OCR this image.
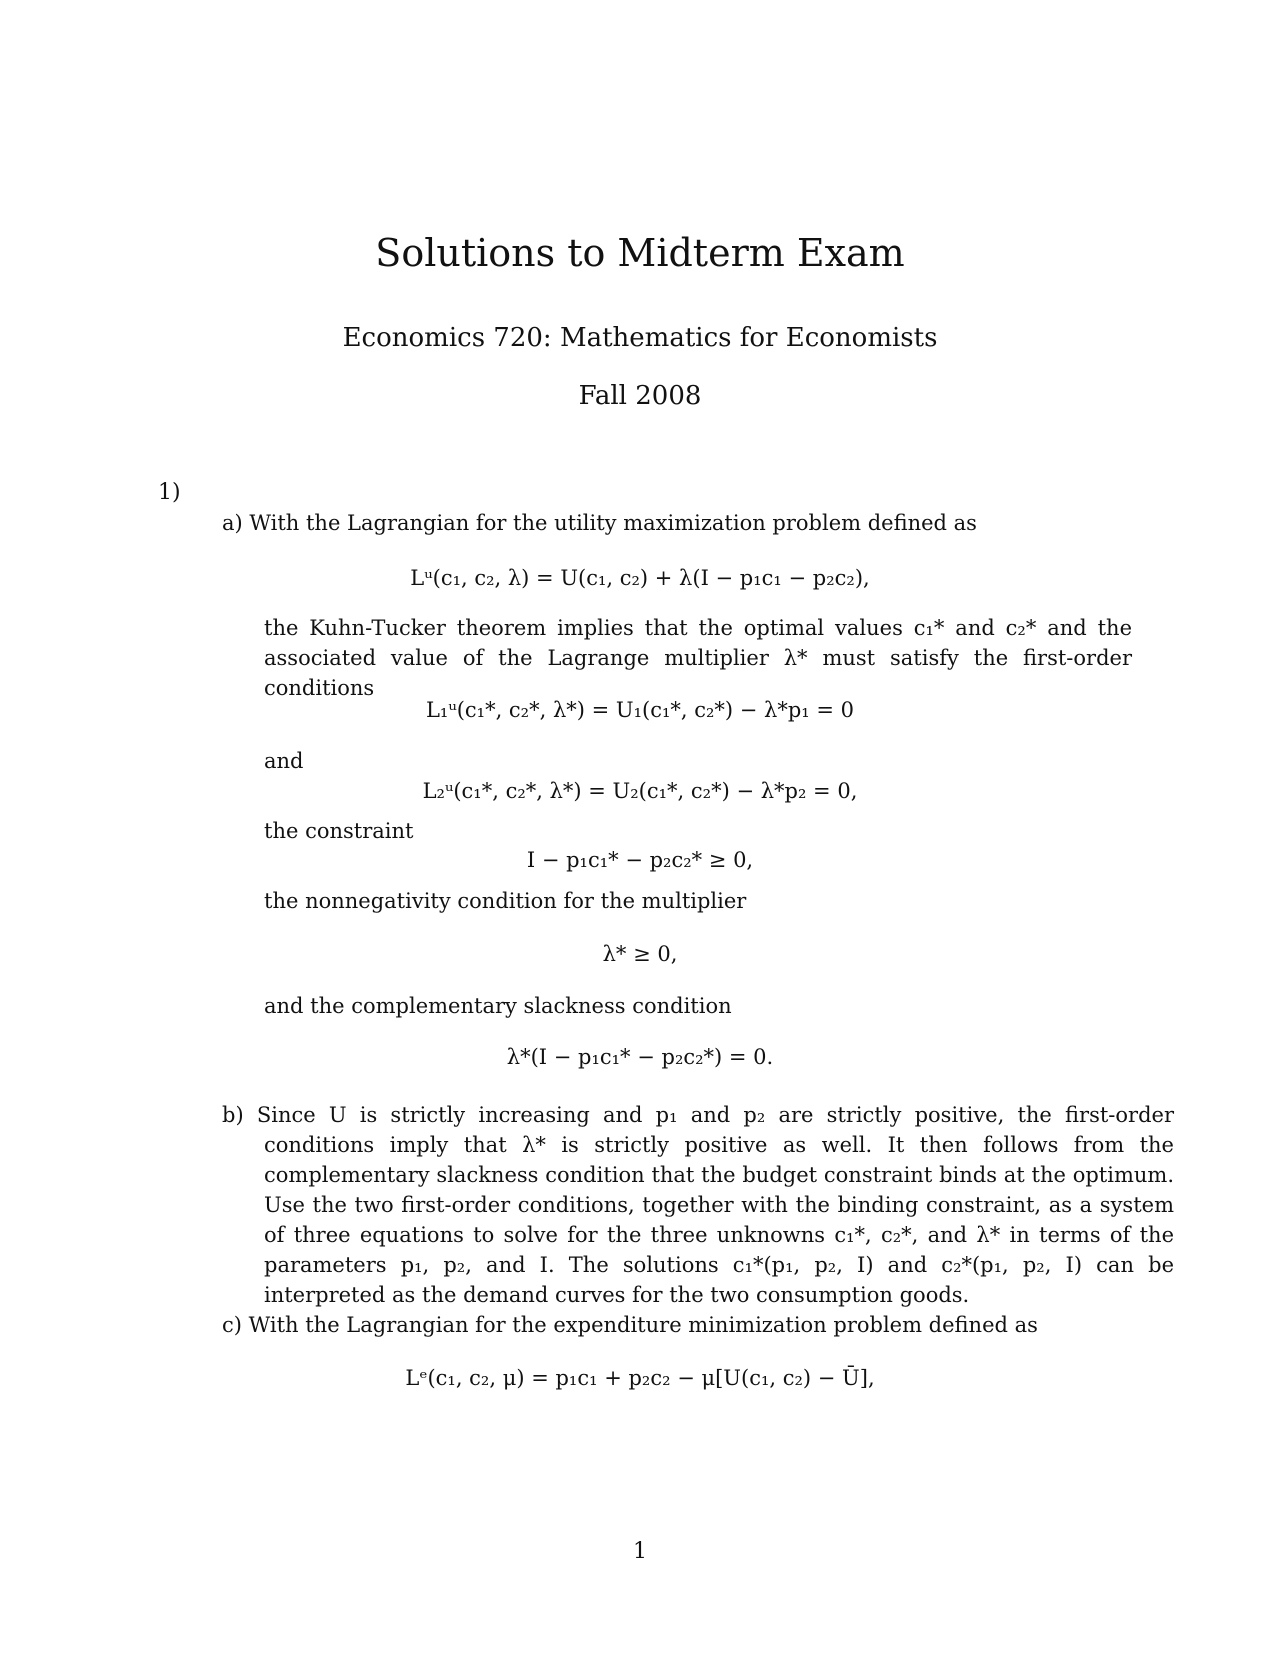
Solutions to Midterm Exam
Economics 720: Mathematics for Economists
Fall 2008
1)
a) With the Lagrangian for the utility maximization problem defined as
Lᵘ(c₁, c₂, λ) = U(c₁, c₂) + λ(I − p₁c₁ − p₂c₂),
the Kuhn-Tucker theorem implies that the optimal values c₁* and c₂* and the associated value of the Lagrange multiplier λ* must satisfy the first-order conditions
L₁ᵘ(c₁*, c₂*, λ*) = U₁(c₁*, c₂*) − λ*p₁ = 0
and
L₂ᵘ(c₁*, c₂*, λ*) = U₂(c₁*, c₂*) − λ*p₂ = 0,
the constraint
I − p₁c₁* − p₂c₂* ≥ 0,
the nonnegativity condition for the multiplier
λ* ≥ 0,
and the complementary slackness condition
λ*(I − p₁c₁* − p₂c₂*) = 0.
b) Since U is strictly increasing and p₁ and p₂ are strictly positive, the first-order conditions imply that λ* is strictly positive as well. It then follows from the complementary slackness condition that the budget constraint binds at the optimum. Use the two first-order conditions, together with the binding constraint, as a system of three equations to solve for the three unknowns c₁*, c₂*, and λ* in terms of the parameters p₁, p₂, and I. The solutions c₁*(p₁, p₂, I) and c₂*(p₁, p₂, I) can be interpreted as the demand curves for the two consumption goods.
c) With the Lagrangian for the expenditure minimization problem defined as
Lᵉ(c₁, c₂, μ) = p₁c₁ + p₂c₂ − μ[U(c₁, c₂) − Ū],
1
